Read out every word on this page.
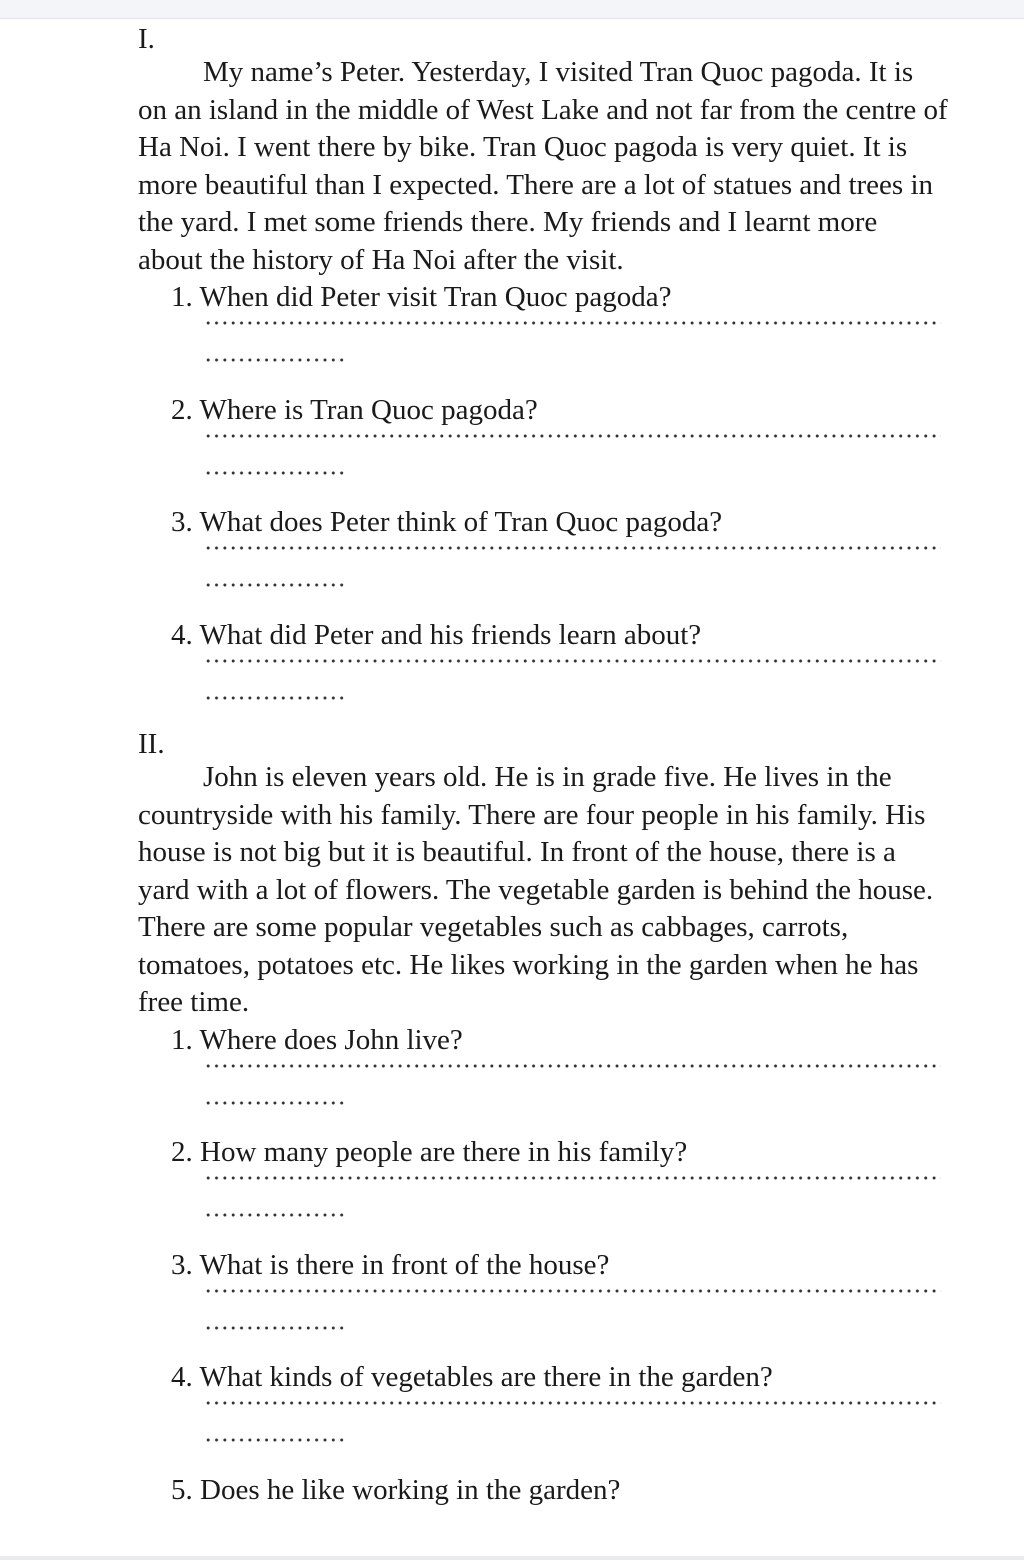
I.

My name’s Peter. Yesterday, I visited Tran Quoc pagoda. It is on an island in the middle of West Lake and not far from the centre of Ha Noi. I went there by bike. Tran Quoc pagoda is very quiet. It is more beautiful than I expected. There are a lot of statues and trees in the yard. I met some friends there. My friends and I learnt more about the history of Ha Noi after the visit.

1. When did Peter visit Tran Quoc pagoda?
2. Where is Tran Quoc pagoda?
3. What does Peter think of Tran Quoc pagoda?
4. What did Peter and his friends learn about?
II.

John is eleven years old. He is in grade five. He lives in the countryside with his family. There are four people in his family. His house is not big but it is beautiful. In front of the house, there is a yard with a lot of flowers. The vegetable garden is behind the house. There are some popular vegetables such as cabbages, carrots, tomatoes, potatoes etc. He likes working in the garden when he has free time.

1. Where does John live?
2. How many people are there in his family?
3. What is there in front of the house?
4. What kinds of vegetables are there in the garden?
5. Does he like working in the garden?
